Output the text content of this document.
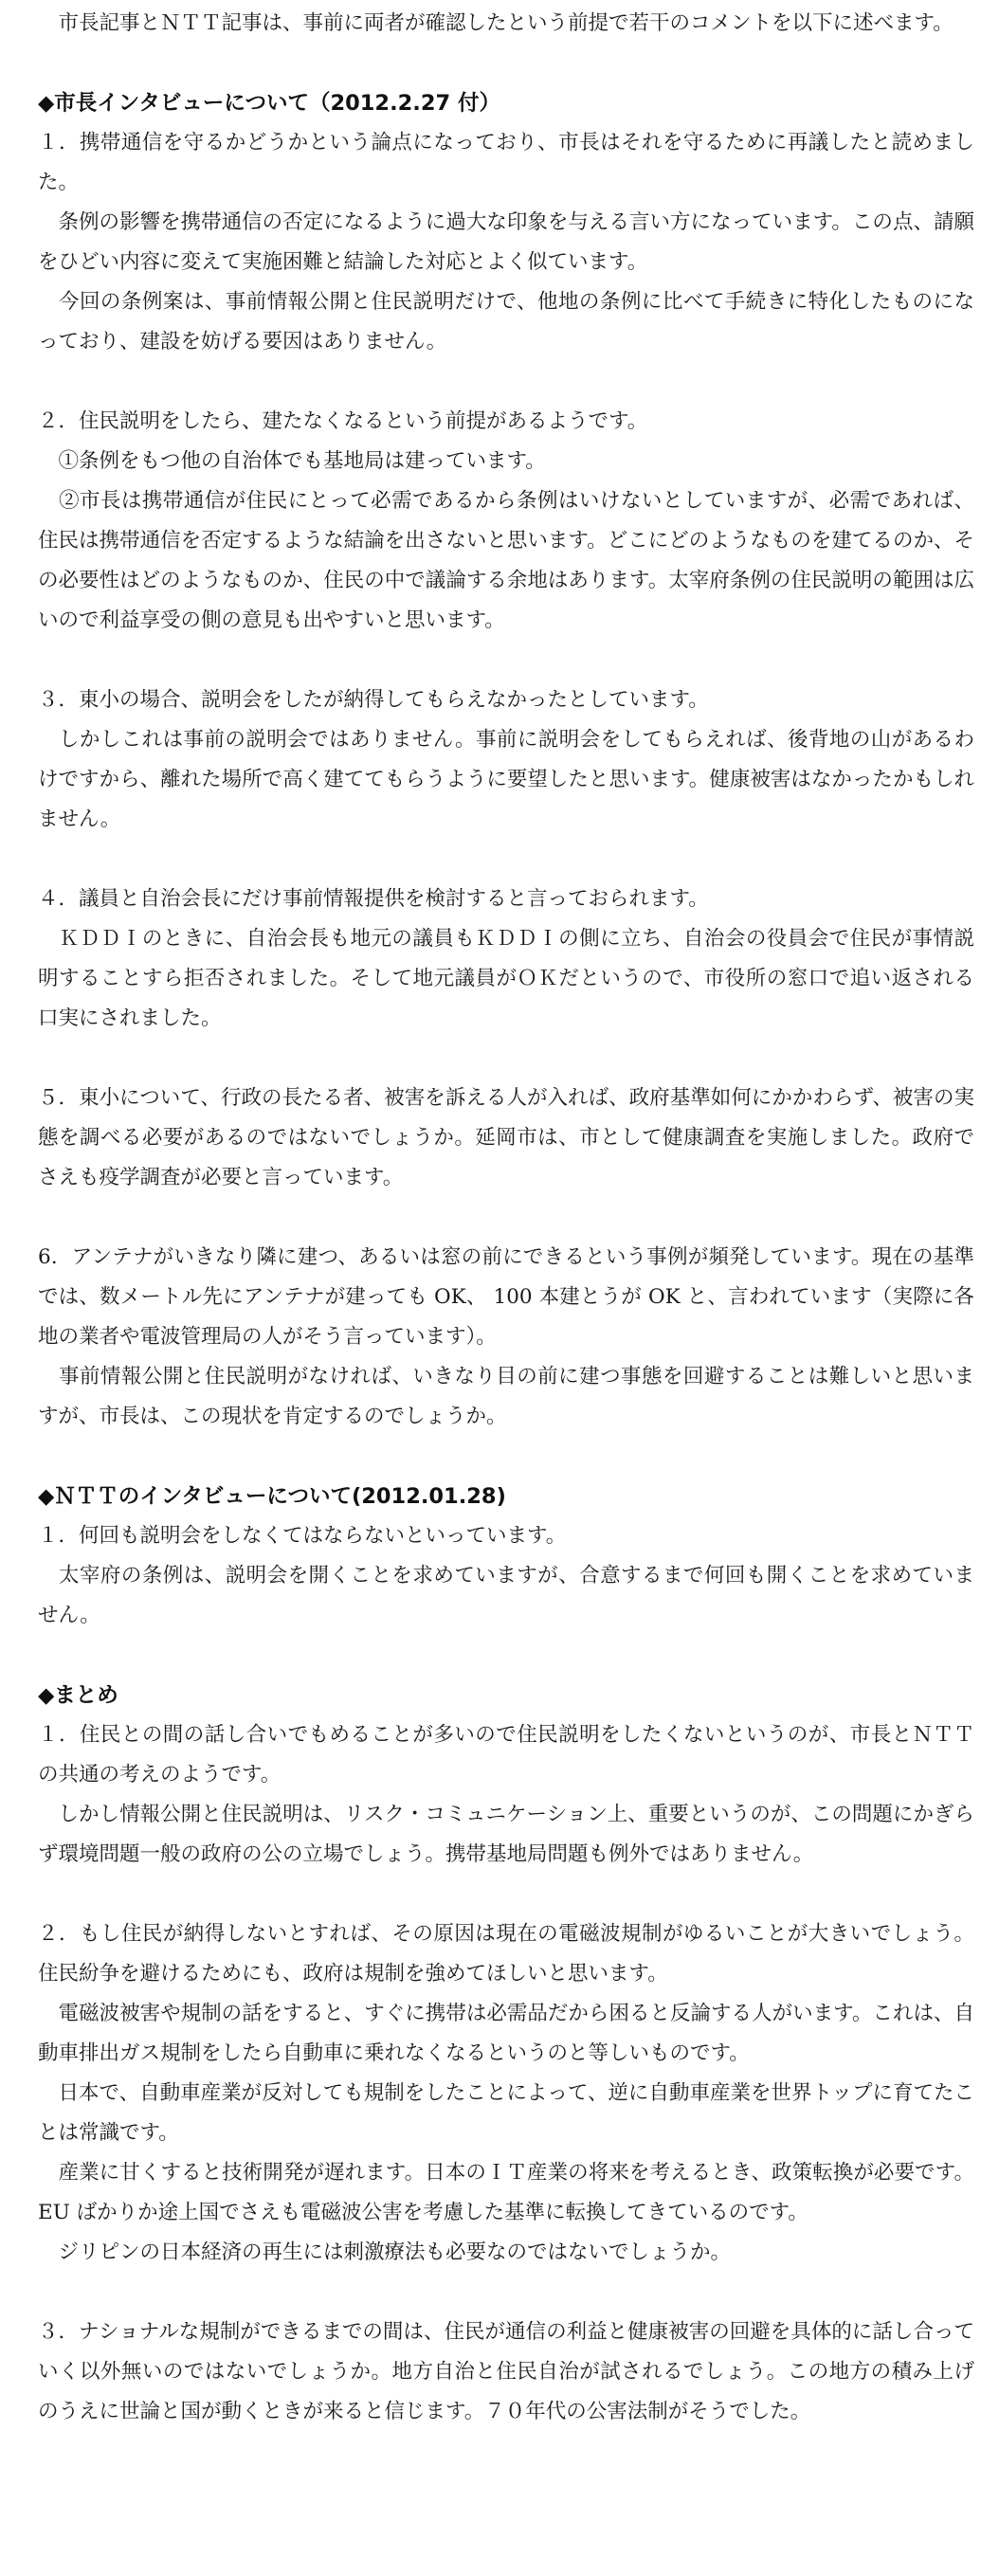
　市長記事とＮＴＴ記事は、事前に両者が確認したという前提で若干のコメントを以下に述べます。

◆市長インタビューについて（2012.2.27 付）

１．携帯通信を守るかどうかという論点になっており、市長はそれを守るために再議したと読めました。

　条例の影響を携帯通信の否定になるように過大な印象を与える言い方になっています。この点、請願をひどい内容に変えて実施困難と結論した対応とよく似ています。

　今回の条例案は、事前情報公開と住民説明だけで、他地の条例に比べて手続きに特化したものになっており、建設を妨げる要因はありません。

２．住民説明をしたら、建たなくなるという前提があるようです。

　①条例をもつ他の自治体でも基地局は建っています。

　②市長は携帯通信が住民にとって必需であるから条例はいけないとしていますが、必需であれば、住民は携帯通信を否定するような結論を出さないと思います。どこにどのようなものを建てるのか、その必要性はどのようなものか、住民の中で議論する余地はあります。太宰府条例の住民説明の範囲は広いので利益享受の側の意見も出やすいと思います。

３．東小の場合、説明会をしたが納得してもらえなかったとしています。

　しかしこれは事前の説明会ではありません。事前に説明会をしてもらえれば、後背地の山があるわけですから、離れた場所で高く建ててもらうように要望したと思います。健康被害はなかったかもしれません。

４．議員と自治会長にだけ事前情報提供を検討すると言っておられます。

　ＫＤＤＩのときに、自治会長も地元の議員もＫＤＤＩの側に立ち、自治会の役員会で住民が事情説明することすら拒否されました。そして地元議員がＯＫだというので、市役所の窓口で追い返される口実にされました。

５．東小について、行政の長たる者、被害を訴える人が入れば、政府基準如何にかかわらず、被害の実態を調べる必要があるのではないでしょうか。延岡市は、市として健康調査を実施しました。政府でさえも疫学調査が必要と言っています。

6．アンテナがいきなり隣に建つ、あるいは窓の前にできるという事例が頻発しています。現在の基準では、数メートル先にアンテナが建っても OK、 100 本建とうが OK と、言われています（実際に各地の業者や電波管理局の人がそう言っています）。

　事前情報公開と住民説明がなければ、いきなり目の前に建つ事態を回避することは難しいと思いますが、市長は、この現状を肯定するのでしょうか。

◆ＮＴＴのインタビューについて(2012.01.28)

１．何回も説明会をしなくてはならないといっています。

　太宰府の条例は、説明会を開くことを求めていますが、合意するまで何回も開くことを求めていません。

◆まとめ

１．住民との間の話し合いでもめることが多いので住民説明をしたくないというのが、市長とＮＴＴの共通の考えのようです。

　しかし情報公開と住民説明は、リスク・コミュニケーション上、重要というのが、この問題にかぎらず環境問題一般の政府の公の立場でしょう。携帯基地局問題も例外ではありません。

２．もし住民が納得しないとすれば、その原因は現在の電磁波規制がゆるいことが大きいでしょう。住民紛争を避けるためにも、政府は規制を強めてほしいと思います。

　電磁波被害や規制の話をすると、すぐに携帯は必需品だから困ると反論する人がいます。これは、自動車排出ガス規制をしたら自動車に乗れなくなるというのと等しいものです。

　日本で、自動車産業が反対しても規制をしたことによって、逆に自動車産業を世界トップに育てたことは常識です。

　産業に甘くすると技術開発が遅れます。日本のＩＴ産業の将来を考えるとき、政策転換が必要です。EU ばかりか途上国でさえも電磁波公害を考慮した基準に転換してきているのです。

　ジリピンの日本経済の再生には刺激療法も必要なのではないでしょうか。

３．ナショナルな規制ができるまでの間は、住民が通信の利益と健康被害の回避を具体的に話し合っていく以外無いのではないでしょうか。地方自治と住民自治が試されるでしょう。この地方の積み上げのうえに世論と国が動くときが来ると信じます。７０年代の公害法制がそうでした。
